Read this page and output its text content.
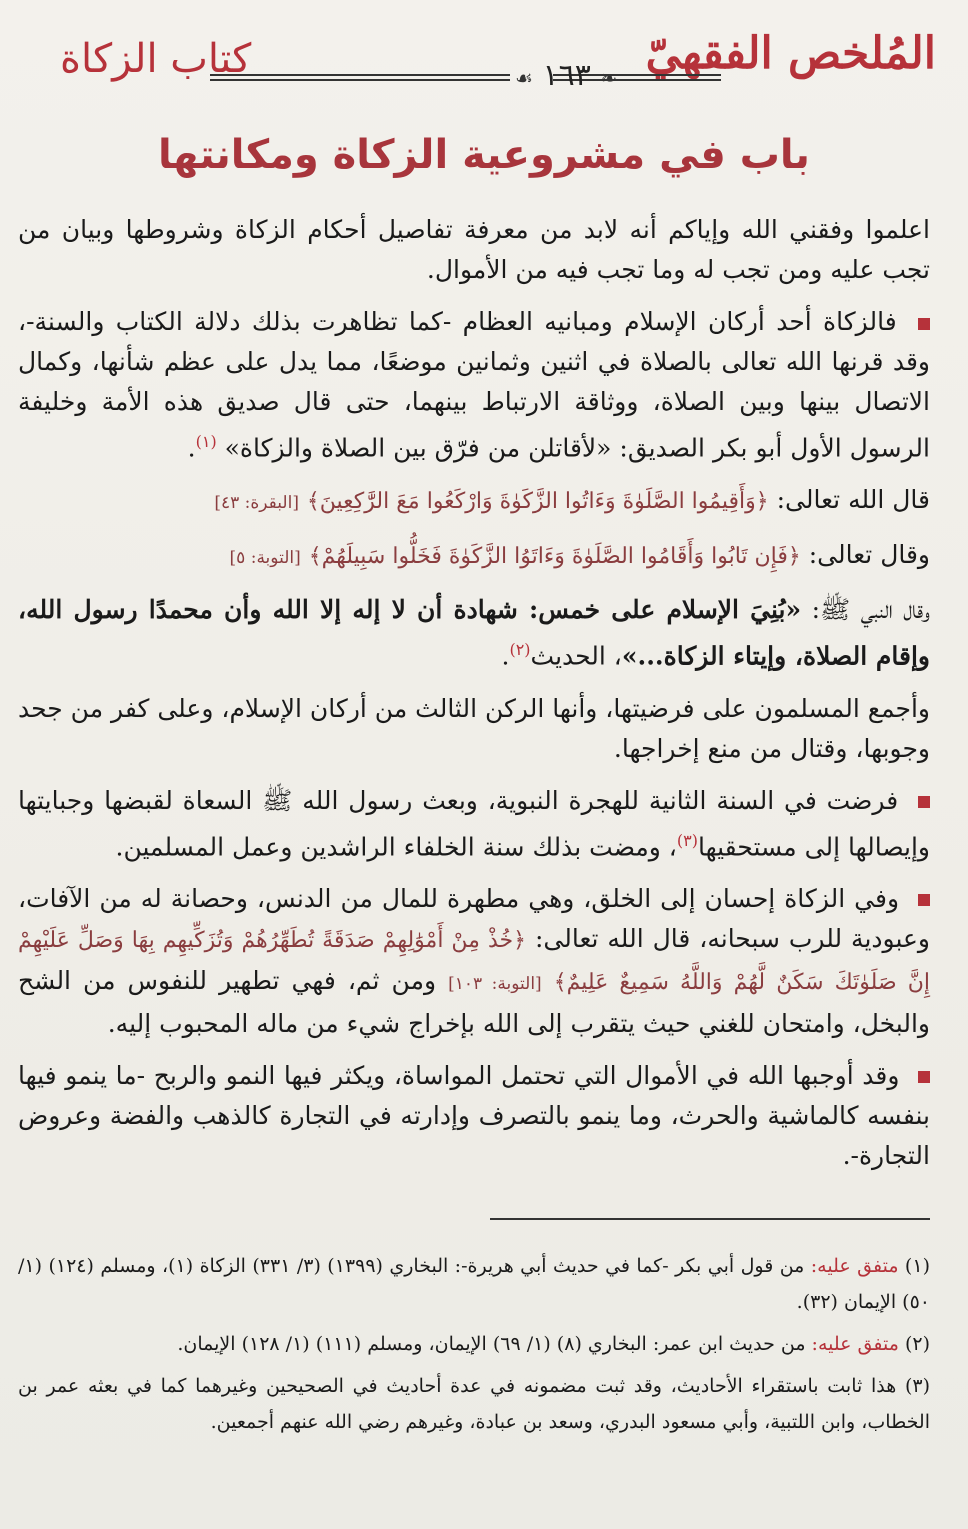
المُلخص الفقهيّ
❧ ١٦٣ ☙
كتاب الزكاة
باب في مشروعية الزكاة ومكانتها

اعلموا وفقني الله وإياكم أنه لابد من معرفة تفاصيل أحكام الزكاة وشروطها وبيان من تجب عليه ومن تجب له وما تجب فيه من الأموال.

فالزكاة أحد أركان الإسلام ومبانيه العظام -كما تظاهرت بذلك دلالة الكتاب والسنة-، وقد قرنها الله تعالى بالصلاة في اثنين وثمانين موضعًا، مما يدل على عظم شأنها، وكمال الاتصال بينها وبين الصلاة، ووثاقة الارتباط بينهما، حتى قال صديق هذه الأمة وخليفة الرسول الأول أبو بكر الصديق: «لأقاتلن من فرّق بين الصلاة والزكاة» $^{(١)}$.

قال الله تعالى: ﴿وَأَقِيمُوا الصَّلَوٰةَ وَءَاتُوا الزَّكَوٰةَ وَارْكَعُوا مَعَ الرَّٰكِعِينَ﴾ [البقرة: ٤٣]

وقال تعالى: ﴿فَإِن تَابُوا وَأَقَامُوا الصَّلَوٰةَ وَءَاتَوُا الزَّكَوٰةَ فَخَلُّوا سَبِيلَهُمْ﴾ [التوبة: ٥]

وقال النبي ﷺ: «بُنِيَ الإسلام على خمس: شهادة أن لا إله إلا الله وأن محمدًا رسول الله، وإقام الصلاة، وإيتاء الزكاة...»، الحديث$^{(٢)}$.

وأجمع المسلمون على فرضيتها، وأنها الركن الثالث من أركان الإسلام، وعلى كفر من جحد وجوبها، وقتال من منع إخراجها.

فرضت في السنة الثانية للهجرة النبوية، وبعث رسول الله ﷺ السعاة لقبضها وجبايتها وإيصالها إلى مستحقيها$^{(٣)}$، ومضت بذلك سنة الخلفاء الراشدين وعمل المسلمين.

وفي الزكاة إحسان إلى الخلق، وهي مطهرة للمال من الدنس، وحصانة له من الآفات، وعبودية للرب سبحانه، قال الله تعالى: ﴿خُذْ مِنْ أَمْوَٰلِهِمْ صَدَقَةً تُطَهِّرُهُمْ وَتُزَكِّيهِم بِهَا وَصَلِّ عَلَيْهِمْ إِنَّ صَلَوٰتَكَ سَكَنٌ لَّهُمْ وَاللَّهُ سَمِيعٌ عَلِيمٌ﴾ [التوبة: ١٠٣] ومن ثم، فهي تطهير للنفوس من الشح والبخل، وامتحان للغني حيث يتقرب إلى الله بإخراج شيء من ماله المحبوب إليه.

وقد أوجبها الله في الأموال التي تحتمل المواساة، ويكثر فيها النمو والربح -ما ينمو فيها بنفسه كالماشية والحرث، وما ينمو بالتصرف وإدارته في التجارة كالذهب والفضة وعروض التجارة-.

(١) متفق عليه: من قول أبي بكر -كما في حديث أبي هريرة-: البخاري (١٣٩٩) (٣/ ٣٣١) الزكاة (١)، ومسلم (١٢٤) (١/ ٥٠) الإيمان (٣٢).

(٢) متفق عليه: من حديث ابن عمر: البخاري (٨) (١/ ٦٩) الإيمان، ومسلم (١١١) (١/ ١٢٨) الإيمان.

(٣) هذا ثابت باستقراء الأحاديث، وقد ثبت مضمونه في عدة أحاديث في الصحيحين وغيرهما كما في بعثه عمر بن الخطاب، وابن اللتبية، وأبي مسعود البدري، وسعد بن عبادة، وغيرهم رضي الله عنهم أجمعين.
